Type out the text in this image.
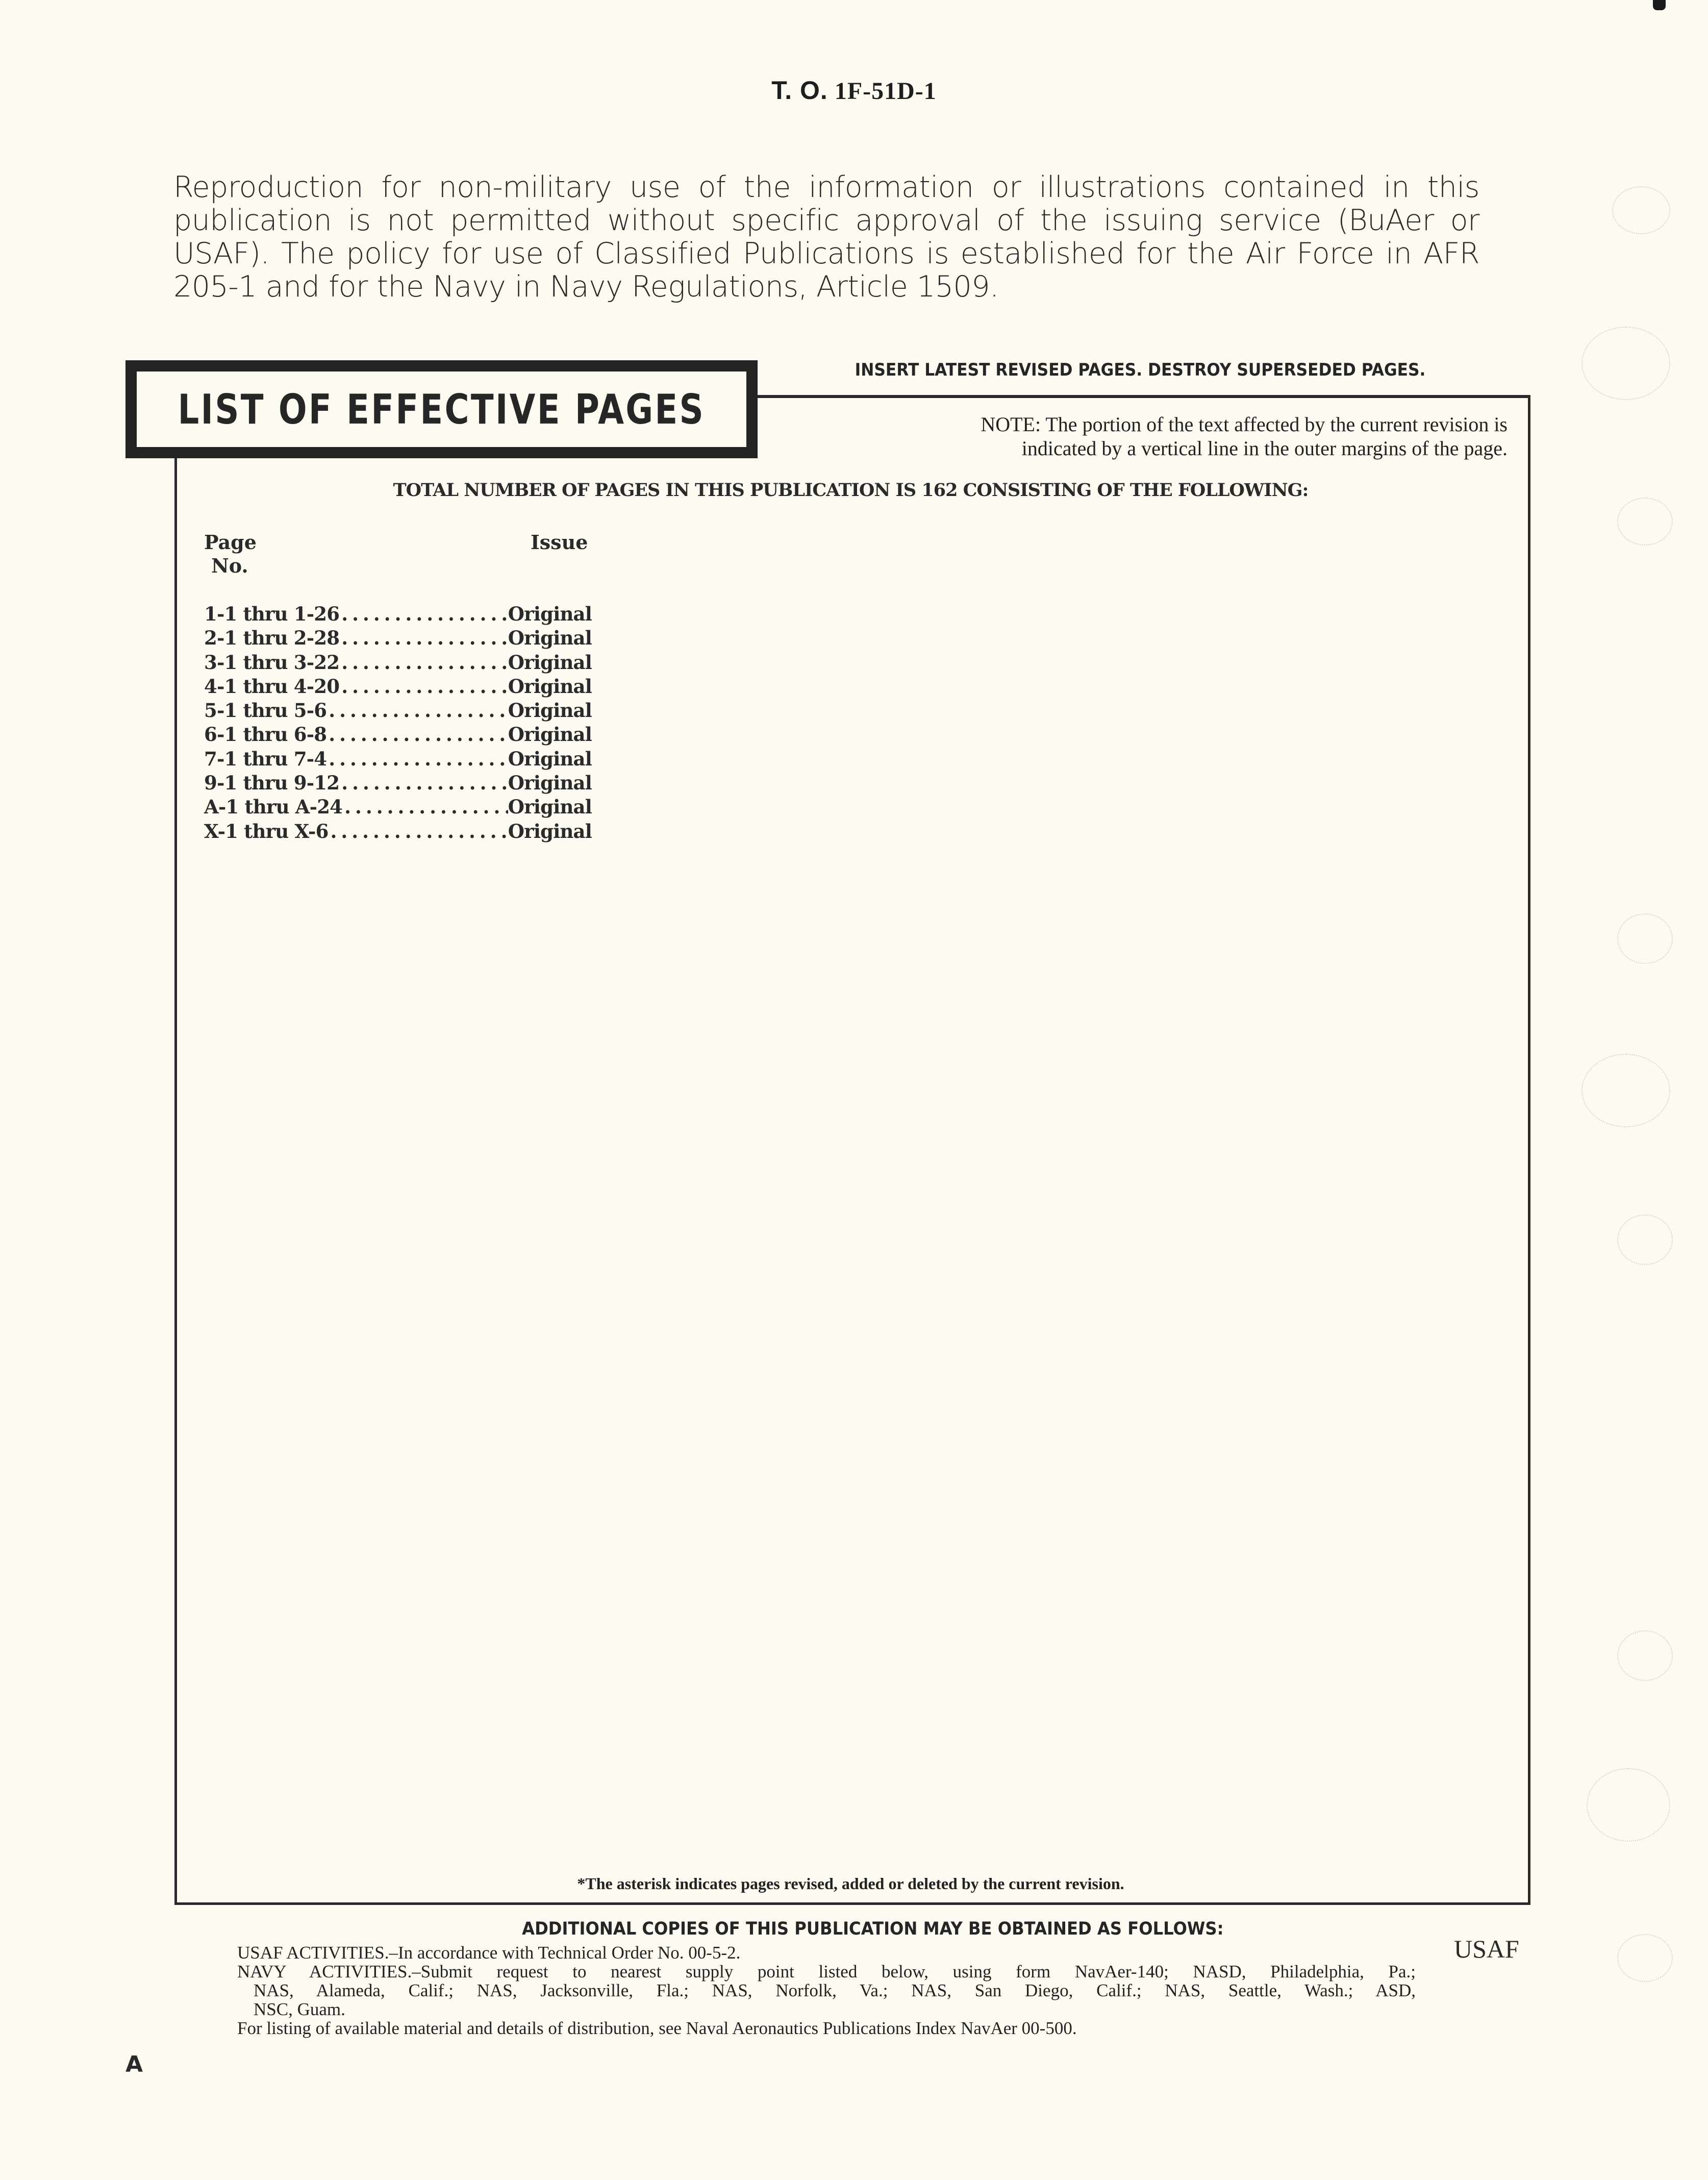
T. O. 1F-51D-1

Reproduction for non-military use of the information or illustrations contained in this publication is not permitted without specific approval of the issuing service (BuAer or USAF). The policy for use of Classified Publications is established for the Air Force in AFR 205-1 and for the Navy in Navy Regulations, Article 1509.

LIST OF EFFECTIVE PAGES
INSERT LATEST REVISED PAGES. DESTROY SUPERSEDED PAGES.
NOTE: The portion of the text affected by the current revision is
indicated by a vertical line in the outer margins of the page.
TOTAL NUMBER OF PAGES IN THIS PUBLICATION IS 162 CONSISTING OF THE FOLLOWING:
Page
No.
Issue
1-1 thru 1-26 .....	Original
2-1 thru 2-28 .....	Original
3-1 thru 3-22 .....	Original
4-1 thru 4-20 .....	Original
5-1 thru 5-6 .....	Original
6-1 thru 6-8 .....	Original
7-1 thru 7-4 .....	Original
9-1 thru 9-12 .....	Original
A-1 thru A-24 .....	Original
X-1 thru X-6 .....	Original
*The asterisk indicates pages revised, added or deleted by the current revision.
ADDITIONAL COPIES OF THIS PUBLICATION MAY BE OBTAINED AS FOLLOWS:
USAF ACTIVITIES.–In accordance with Technical Order No. 00-5-2.
NAVY ACTIVITIES.–Submit request to nearest supply point listed below, using form NavAer-140; NASD, Philadelphia, Pa.;
NAS, Alameda, Calif.; NAS, Jacksonville, Fla.; NAS, Norfolk, Va.; NAS, San Diego, Calif.; NAS, Seattle, Wash.; ASD,
NSC, Guam.
For listing of available material and details of distribution, see Naval Aeronautics Publications Index NavAer 00-500.
USAF
A
